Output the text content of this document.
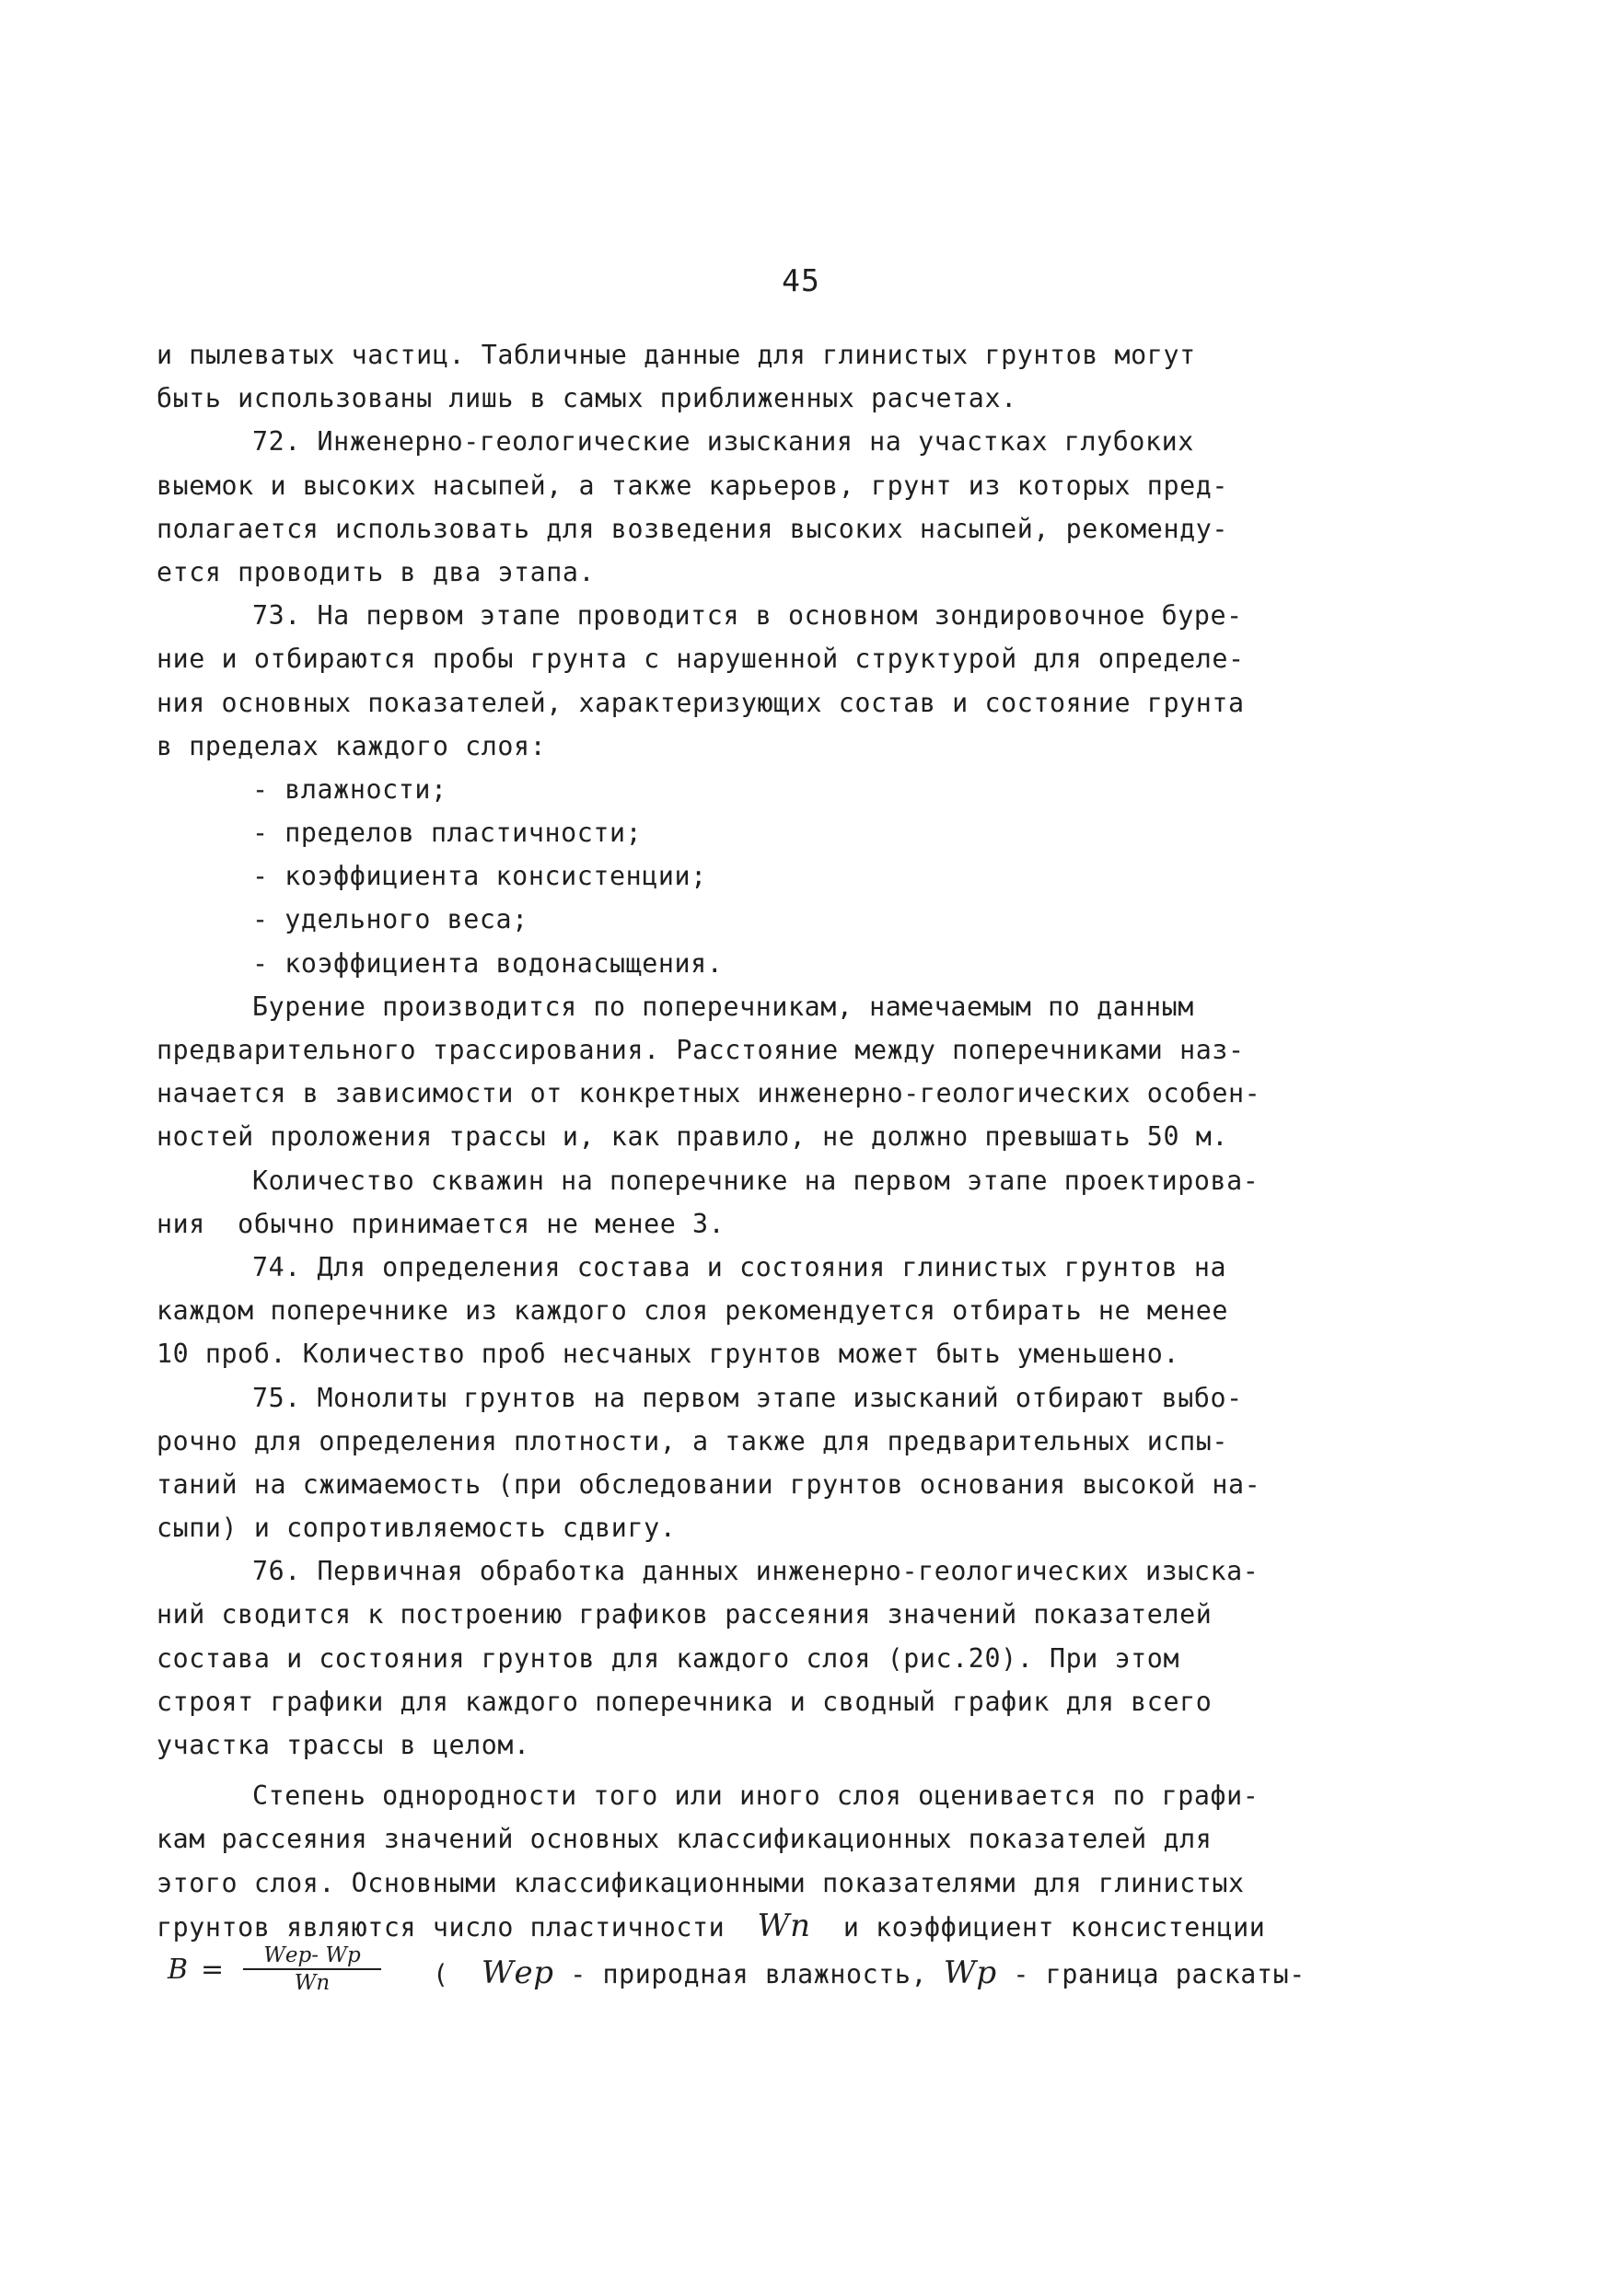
45
и пылеватых частиц. Табличные данные для глинистых грунтов могут
быть использованы лишь в самых приближенных расчетах.
72. Инженерно-геологические изыскания на участках глубоких
выемок и высоких насыпей, а также карьеров, грунт из которых пред-
полагается использовать для возведения высоких насыпей, рекоменду-
ется проводить в два этапа.
73. На первом этапе проводится в основном зондировочное буре-
ние и отбираются пробы грунта с нарушенной структурой для определе-
ния основных показателей, характеризующих состав и состояние грунта
в пределах каждого слоя:
- влажности;
- пределов пластичности;
- коэффициента консистенции;
- удельного веса;
- коэффициента водонасыщения.
Бурение производится по поперечникам, намечаемым по данным
предварительного трассирования. Расстояние между поперечниками наз-
начается в зависимости от конкретных инженерно-геологических особен-
ностей проложения трассы и, как правило, не должно превышать 50 м.
Количество скважин на поперечнике на первом этапе проектирова-
ния  обычно принимается не менее 3.
74. Для определения состава и состояния глинистых грунтов на
каждом поперечнике из каждого слоя рекомендуется отбирать не менее
10 проб. Количество проб несчаных грунтов может быть уменьшено.
75. Монолиты грунтов на первом этапе изысканий отбирают выбо-
рочно для определения плотности, а также для предварительных испы-
таний на сжимаемость (при обследовании грунтов основания высокой на-
сыпи) и сопротивляемость сдвигу.
76. Первичная обработка данных инженерно-геологических изыска-
ний сводится к построению графиков рассеяния значений показателей
состава и состояния грунтов для каждого слоя (рис.20). При этом
строят графики для каждого поперечника и сводный график для всего
участка трассы в целом.
Степень однородности того или иного слоя оценивается по графи-
кам рассеяния значений основных классификационных показателей для
этого слоя. Основными классификационными показателями для глинистых
грунтов являются число пластичности Wп и коэффициент консистенции
B =	Wер- Wр
Wп	( Wер - природная влажность, Wр - граница раскаты-
